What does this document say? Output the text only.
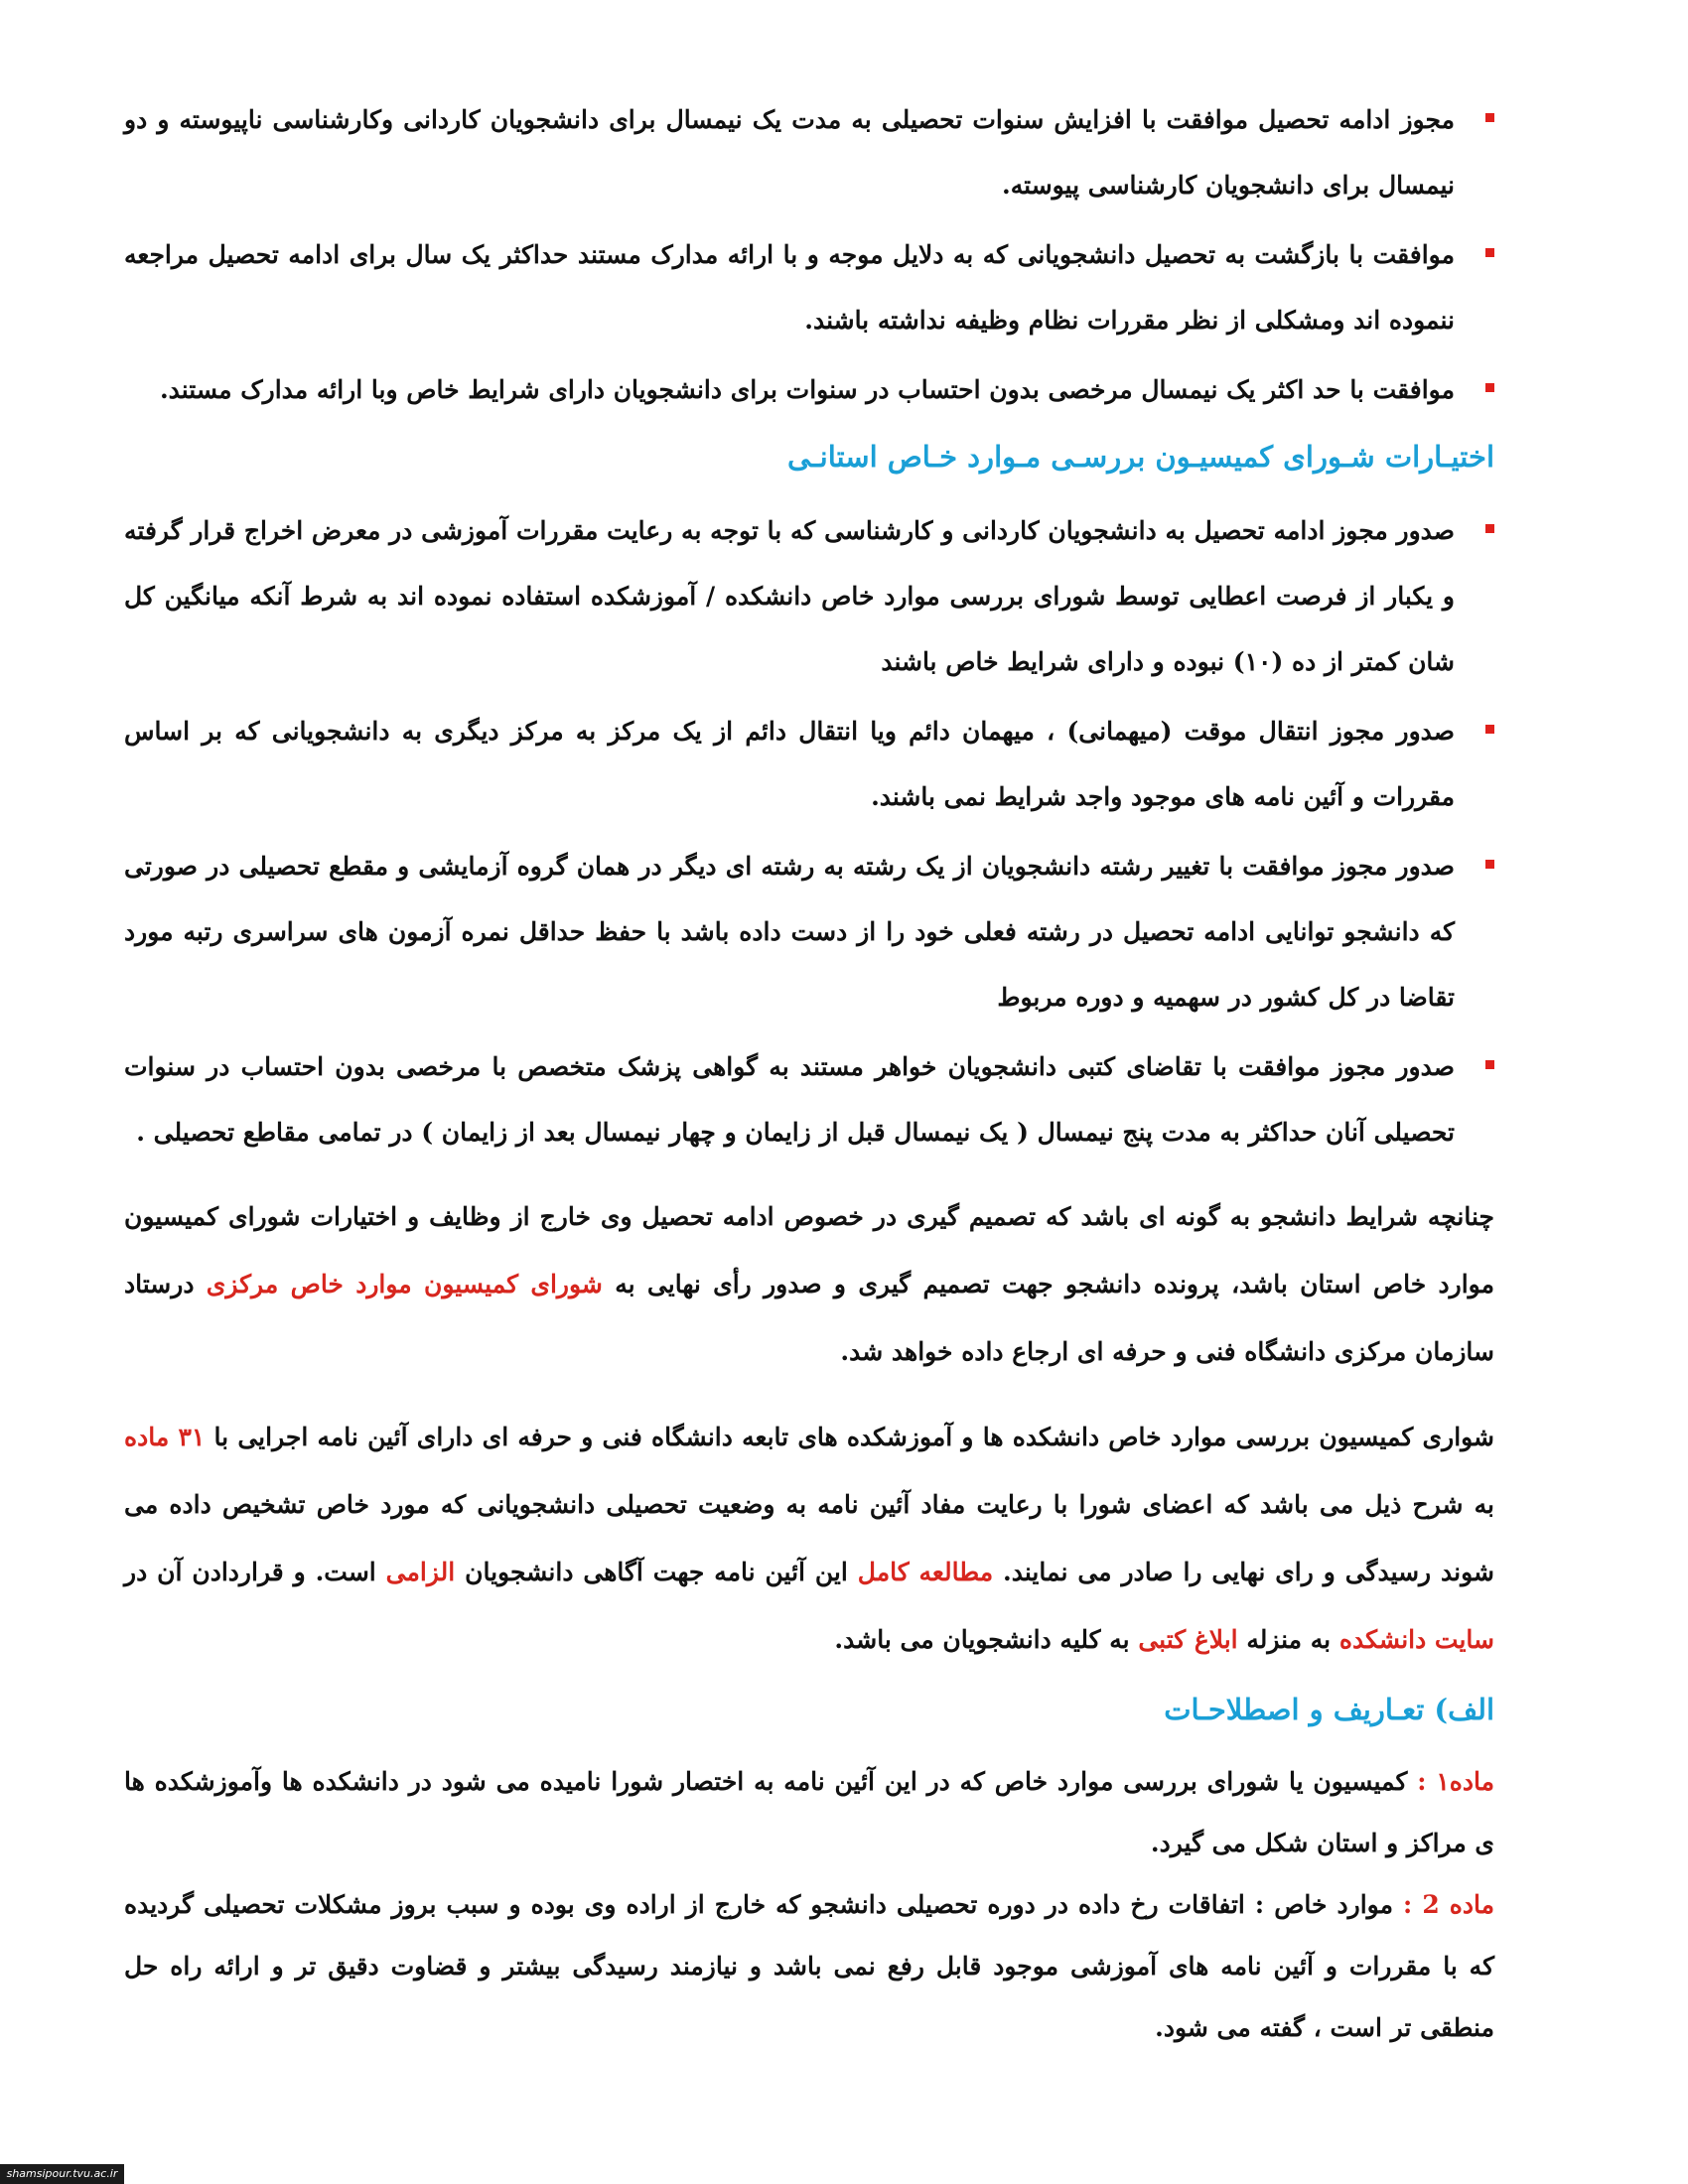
مجوز ادامه تحصیل موافقت با افزایش سنوات تحصیلی به مدت یک نیمسال برای دانشجویان کاردانی وکارشناسی ناپیوسته و دو نیمسال برای دانشجویان کارشناسی پیوسته.
موافقت با بازگشت به تحصیل دانشجویانی که به دلایل موجه و با ارائه مدارک مستند حداکثر یک سال برای ادامه تحصیل مراجعه ننموده اند ومشکلی از نظر مقررات نظام وظیفه نداشته باشند.
موافقت با حد اکثر یک نیمسال مرخصی بدون احتساب در سنوات برای دانشجویان دارای شرایط خاص وبا ارائه مدارک مستند.
اختیـارات شـورای کمیسیـون بررسـی مـوارد خـاص استانـی
صدور مجوز ادامه تحصیل به دانشجویان کاردانی و کارشناسی که با توجه به رعایت مقررات آموزشی در معرض اخراج قرار گرفته و یکبار از فرصت اعطایی توسط شورای بررسی موارد خاص دانشکده / آموزشکده استفاده نموده اند به شرط آنکه میانگین کل شان کمتر از ده (۱۰) نبوده و دارای شرایط خاص باشند
صدور مجوز انتقال موقت (میهمانی) ، میهمان دائم ویا انتقال دائم از یک مرکز به مرکز دیگری به دانشجویانی که بر اساس مقررات و آئین نامه های موجود واجد شرایط نمی باشند.
صدور مجوز موافقت با تغییر رشته دانشجویان از یک رشته به رشته ای دیگر در همان گروه آزمایشی و مقطع تحصیلی در صورتی که دانشجو توانایی ادامه تحصیل در رشته فعلی خود را از دست داده باشد با حفظ حداقل نمره آزمون های سراسری رتبه مورد تقاضا در کل کشور در سهمیه و دوره مربوط
صدور مجوز موافقت با تقاضای کتبی دانشجویان خواهر مستند به گواهی پزشک متخصص با مرخصی بدون احتساب در سنوات تحصیلی آنان حداکثر به مدت پنج نیمسال ( یک نیمسال قبل از زایمان و چهار نیمسال بعد از زایمان ) در تمامی مقاطع تحصیلی .

چنانچه شرایط دانشجو به گونه ای باشد که تصمیم گیری در خصوص ادامه تحصیل وی خارج از وظایف و اختیارات شورای کمیسیون موارد خاص استان باشد، پرونده دانشجو جهت تصمیم گیری و صدور رأی نهایی به شورای کمیسیون موارد خاص مرکزی درستاد سازمان مرکزی دانشگاه فنی و حرفه ای ارجاع داده خواهد شد.

شواری کمیسیون بررسی موارد خاص دانشکده ها و آموزشکده های تابعه دانشگاه فنی و حرفه ای دارای آئین نامه اجرایی با ۳۱ ماده به شرح ذیل می باشد که اعضای شورا با رعایت مفاد آئین نامه به وضعیت تحصیلی دانشجویانی که مورد خاص تشخیص داده می شوند رسیدگی و رای نهایی را صادر می نمایند. مطالعه کامل این آئین نامه جهت آگاهی دانشجویان الزامی است. و قراردادن آن در سایت دانشکده به منزله ابلاغ کتبی به کلیه دانشجویان می باشد.

الف) تعـاریف و اصطلاحـات

ماده۱ : کمیسیون یا شورای بررسی موارد خاص که در این آئین نامه به اختصار شورا نامیده می شود در دانشکده ها وآموزشکده ها ی مراکز و استان شکل می گیرد.

ماده 2 : موارد خاص : اتفاقات رخ داده در دوره تحصیلی دانشجو که خارج از اراده وی بوده و سبب بروز مشکلات تحصیلی گردیده که با مقررات و آئین نامه های آموزشی موجود قابل رفع نمی باشد و نیازمند رسیدگی بیشتر و قضاوت دقیق تر و ارائه راه حل منطقی تر است ، گفته می شود.

shamsipour.tvu.ac.ir
